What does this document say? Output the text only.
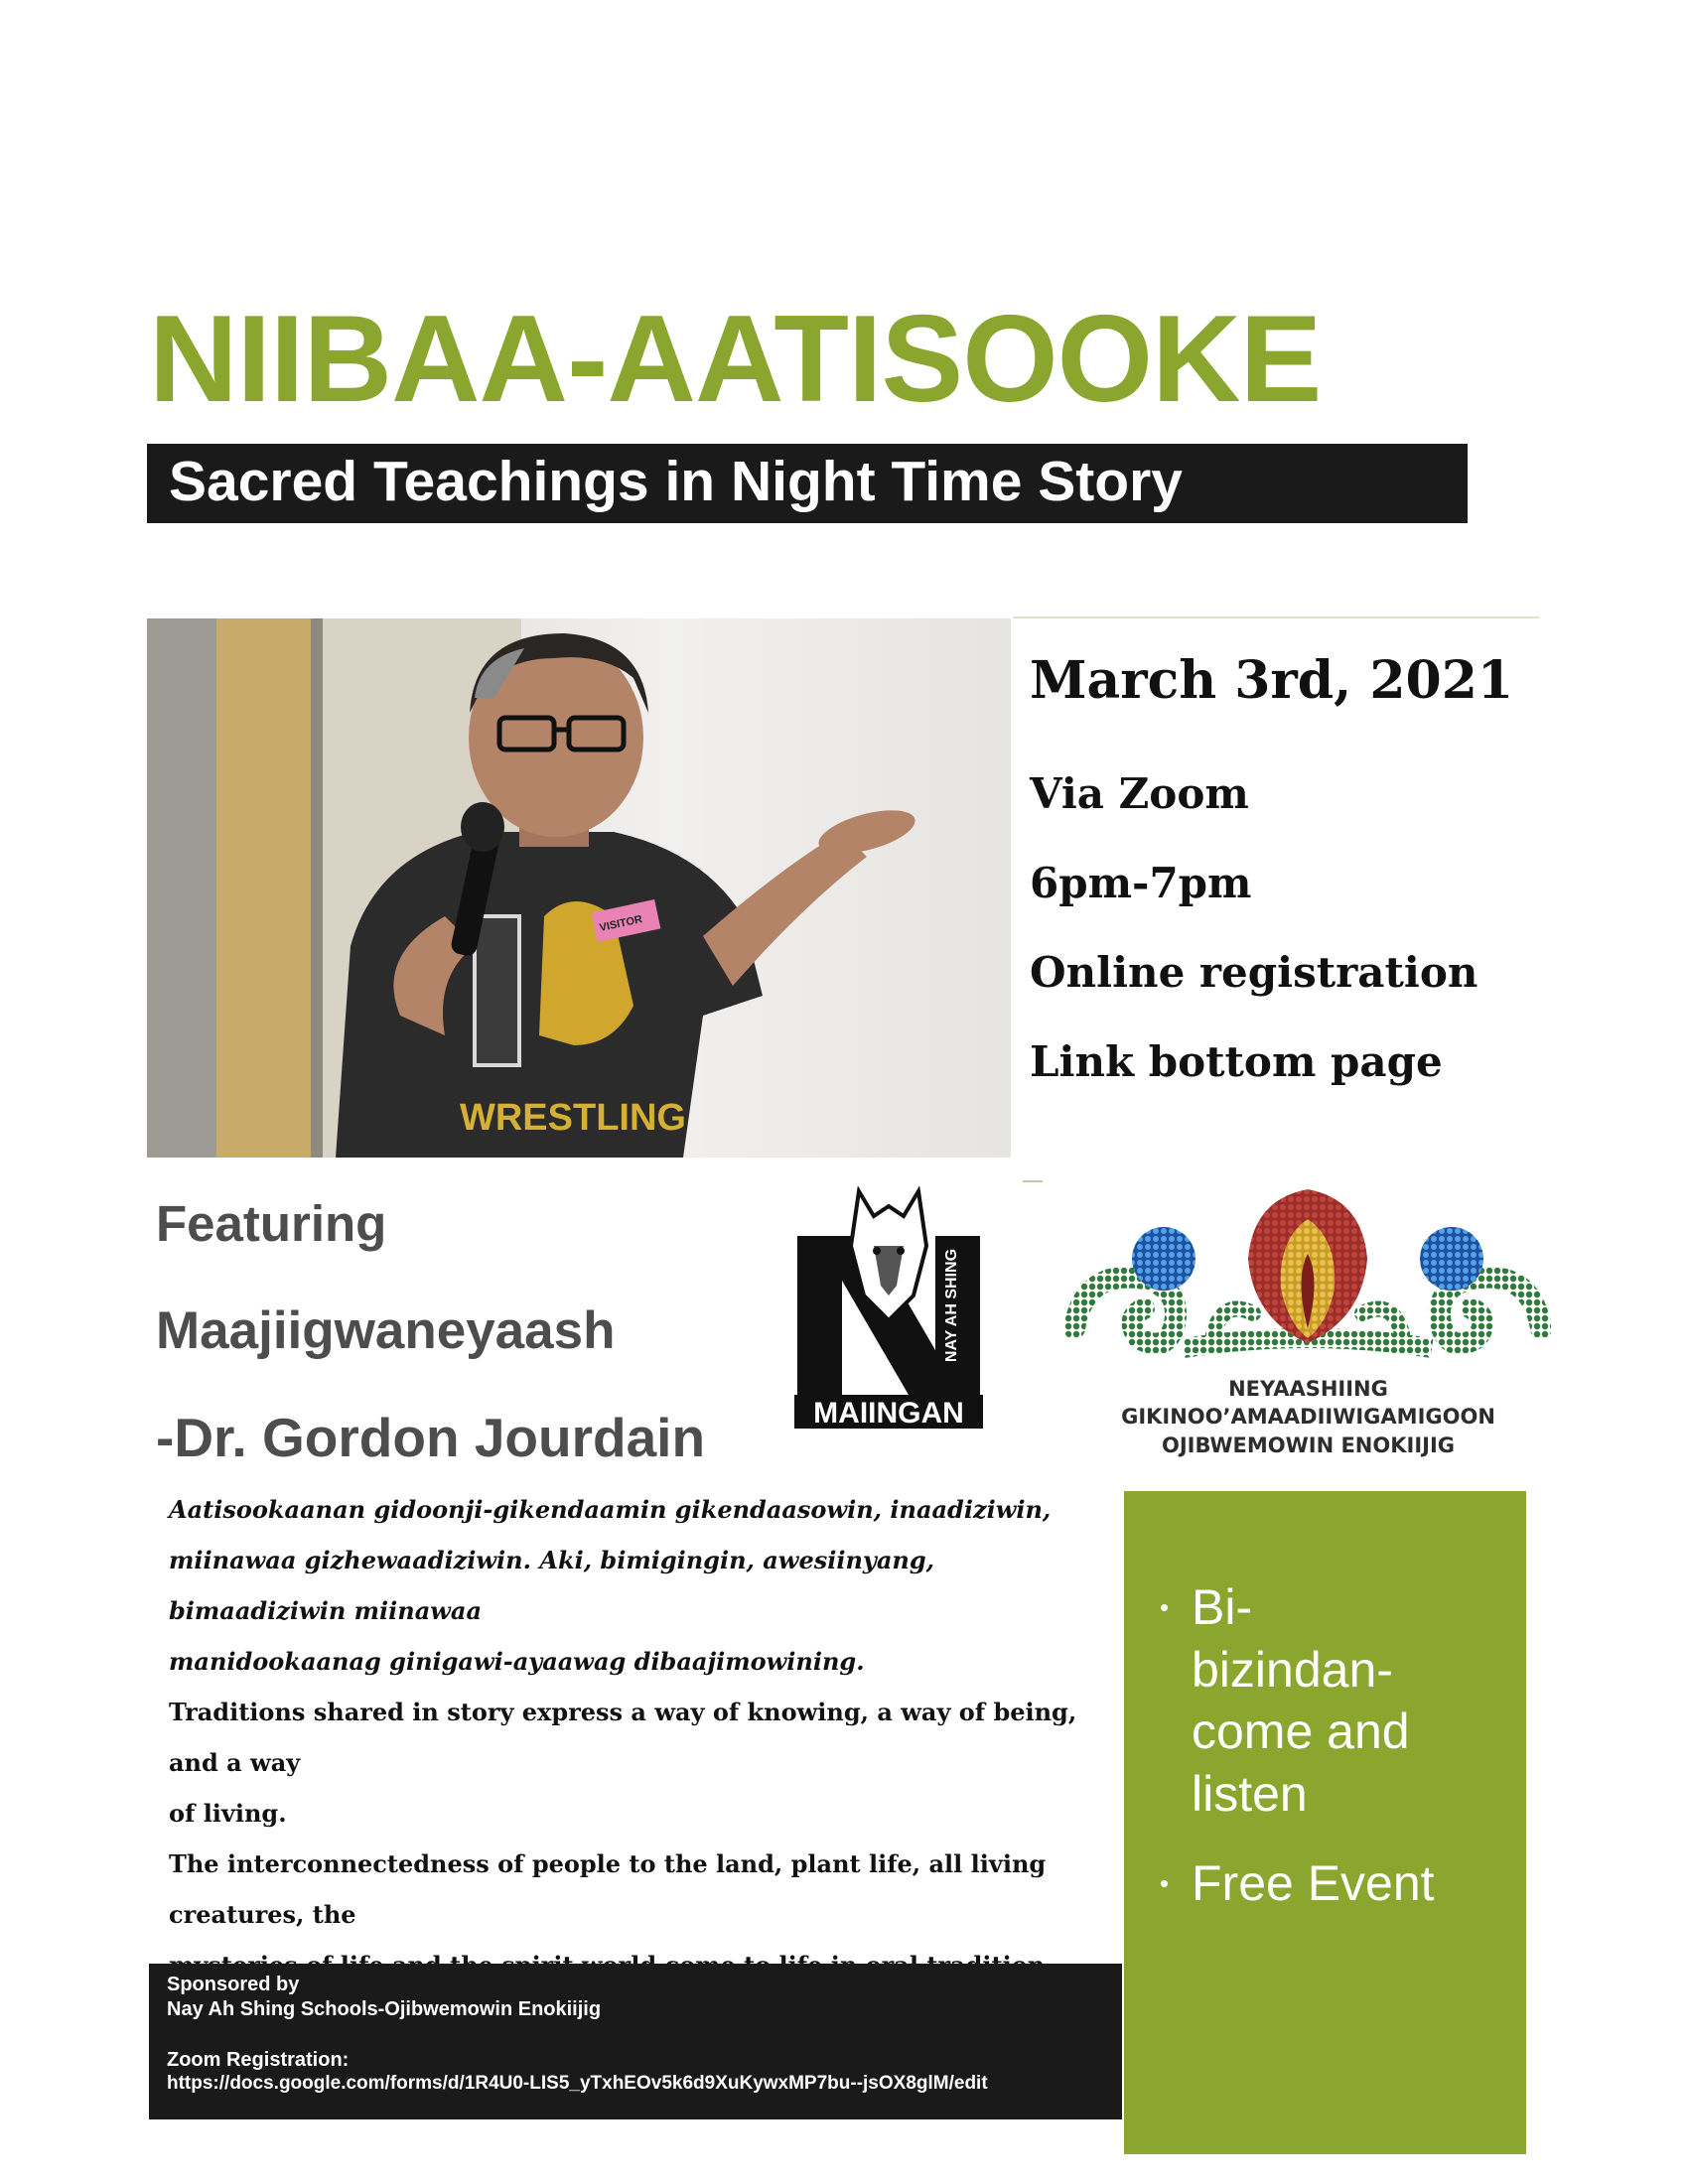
NIIBAA-AATISOOKE
Sacred Teachings in Night Time Story
VISITOR
WRESTLING

March 3rd, 2021

Via Zoom

6pm-7pm

Online registration

Link bottom page

Featuring

Maajiigwaneyaash

-Dr. Gordon Jourdain

NAY AH SHING
MAIINGAN

NEYAASHIING GIKINOO’AMAADIIWIGAMIGOON
OJIBWEMOWIN ENOKIIJIG

Aatisookaanan gidoonji-gikendaamin gikendaasowin, inaadiziwin,

miinawaa gizhewaadiziwin. Aki, bimigingin, awesiinyang,

bimaadiziwin miinawaa

manidookaanag ginigawi-ayaawag dibaajimowining.

Traditions shared in story express a way of knowing, a way of being, and a way

of living.

The interconnectedness of people to the land, plant life, all living creatures, the

• Bi-
bizindan-
come and
listen
• Free Event

Sponsored by

Nay Ah Shing Schools-Ojibwemowin Enokiijig

Zoom Registration:

https://docs.google.com/forms/d/1R4U0-LIS5_yTxhEOv5k6d9XuKywxMP7bu--jsOX8glM/edit
